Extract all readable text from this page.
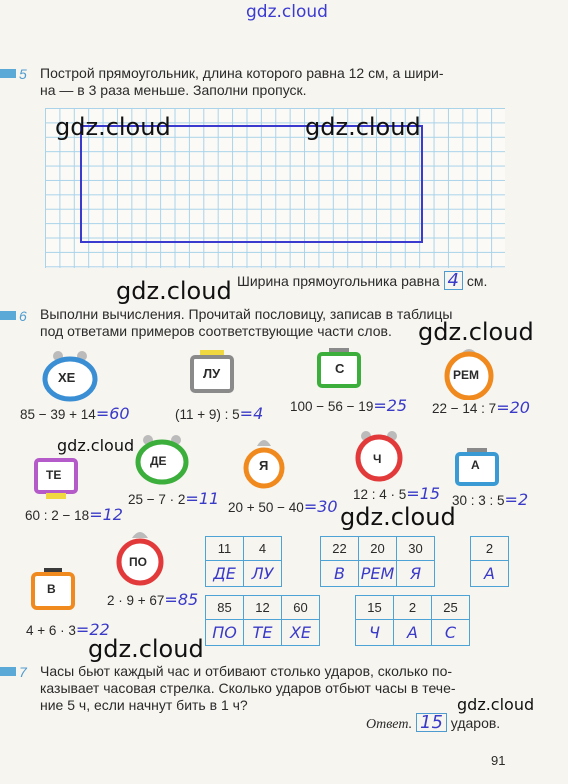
gdz.cloud
5 Построй прямоугольник, длина которого равна 12 см, а шири-
на — в 3 раза меньше. Заполни пропуск.
gdz.cloud	gdz.cloud
Ширина прямоугольника равна 4 см.
gdz.cloud
6 Выполни вычисления. Прочитай пословицу, записав в таблицы
под ответами примеров соответствующие части слов. gdz.cloud
ХЕ
85 − 39 + 14=60
ЛУ
(11 + 9) : 5=4
С
100 − 56 − 19=25
РЕМ
22 − 14 : 7=20
gdz.cloud
ТЕ
60 : 2 − 18=12
ДЕ
25 − 7 · 2=11
Я
20 + 50 − 40=30
Ч
12 : 4 · 5=15
А
30 : 3 : 5=2
gdz.cloud
ПО
2 · 9 + 67=85
В
4 + 6 · 3=22
11	4
ДЕ	ЛУ
22	20	30
В	РЕМ	Я
2
А
85	12	60
ПО	ТЕ	ХЕ
15	2	25
Ч	А	С
gdz.cloud
7 Часы бьют каждый час и отбивают столько ударов, сколько по-
казывает часовая стрелка. Сколько ударов отбьют часы в тече-
ние 5 ч, если начнут бить в 1 ч?	gdz.cloud
Ответ. 15 ударов.
91
